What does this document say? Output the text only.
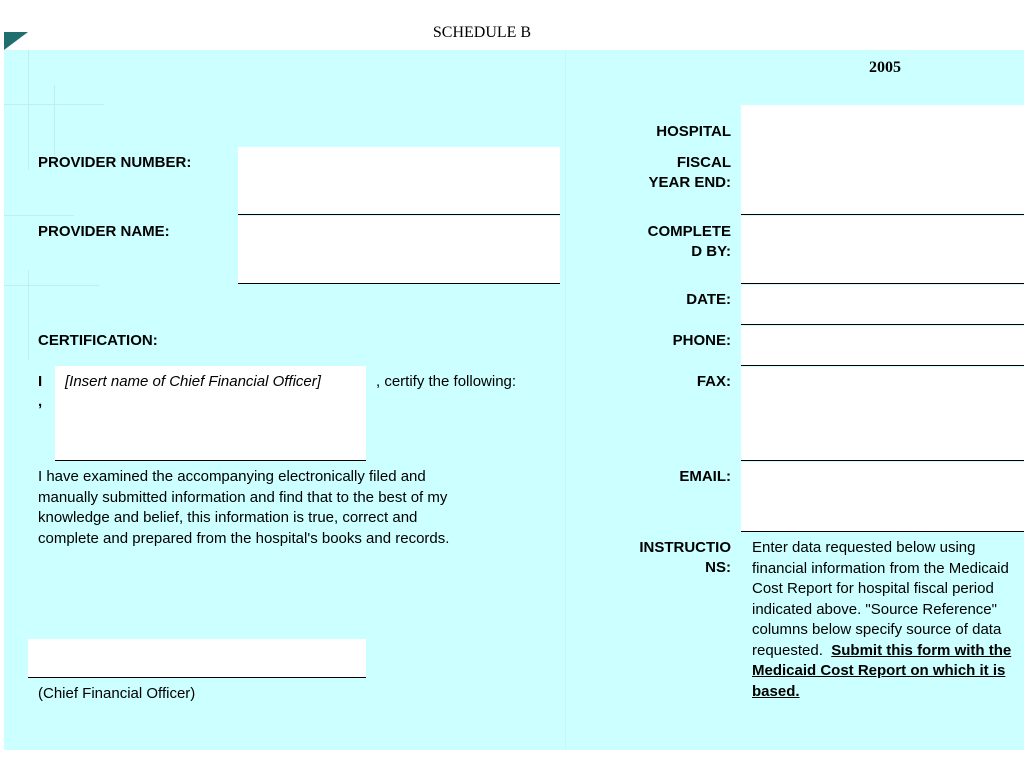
SCHEDULE B
2005
PROVIDER NUMBER:
PROVIDER NAME:
CERTIFICATION:
I
,
[Insert name of Chief Financial Officer]	, certify the following:
I have examined the accompanying electronically filed and manually submitted information and find that to the best of my knowledge and belief, this information is true, correct and complete and prepared from the hospital's books and records.
(Chief Financial Officer)
HOSPITAL
FISCAL
YEAR END:
COMPLETE
D BY:
DATE:
PHONE:
FAX:
EMAIL:
INSTRUCTIO
NS:
Enter data requested below using financial information from the Medicaid Cost Report for hospital fiscal period indicated above. "Source Reference" columns below specify source of data requested. Submit this form with the Medicaid Cost Report on which it is based.
